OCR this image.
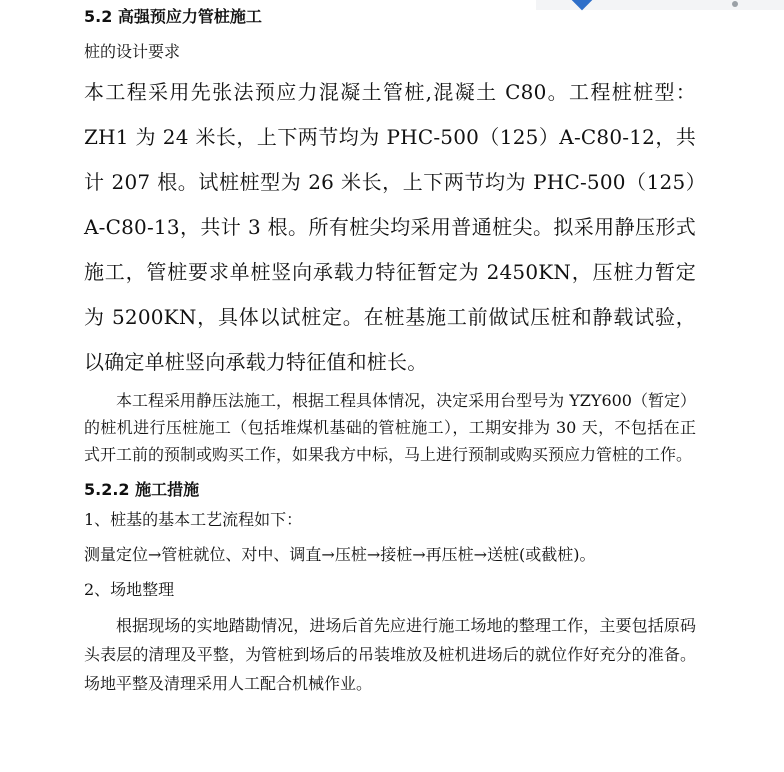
5.2 高强预应力管桩施工

桩的设计要求

本工程采用先张法预应力混凝土管桩,混凝土 C80。工程桩桩型：ZH1 为 24 米长，上下两节均为 PHC-500（125）A-C80-12，共计 207 根。试桩桩型为 26 米长，上下两节均为 PHC-500（125）A-C80-13，共计 3 根。所有桩尖均采用普通桩尖。拟采用静压形式施工，管桩要求单桩竖向承载力特征暂定为 2450KN，压桩力暂定为 5200KN，具体以试桩定。在桩基施工前做试压桩和静载试验，以确定单桩竖向承载力特征值和桩长。

本工程采用静压法施工，根据工程具体情况，决定采用台型号为 YZY600（暂定）的桩机进行压桩施工（包括堆煤机基础的管桩施工），工期安排为 30 天，不包括在正式开工前的预制或购买工作，如果我方中标，马上进行预制或购买预应力管桩的工作。

5.2.2 施工措施

1、桩基的基本工艺流程如下：

测量定位→管桩就位、对中、调直→压桩→接桩→再压桩→送桩(或截桩)。

2、场地整理

根据现场的实地踏勘情况，进场后首先应进行施工场地的整理工作，主要包括原码头表层的清理及平整，为管桩到场后的吊装堆放及桩机进场后的就位作好充分的准备。场地平整及清理采用人工配合机械作业。
